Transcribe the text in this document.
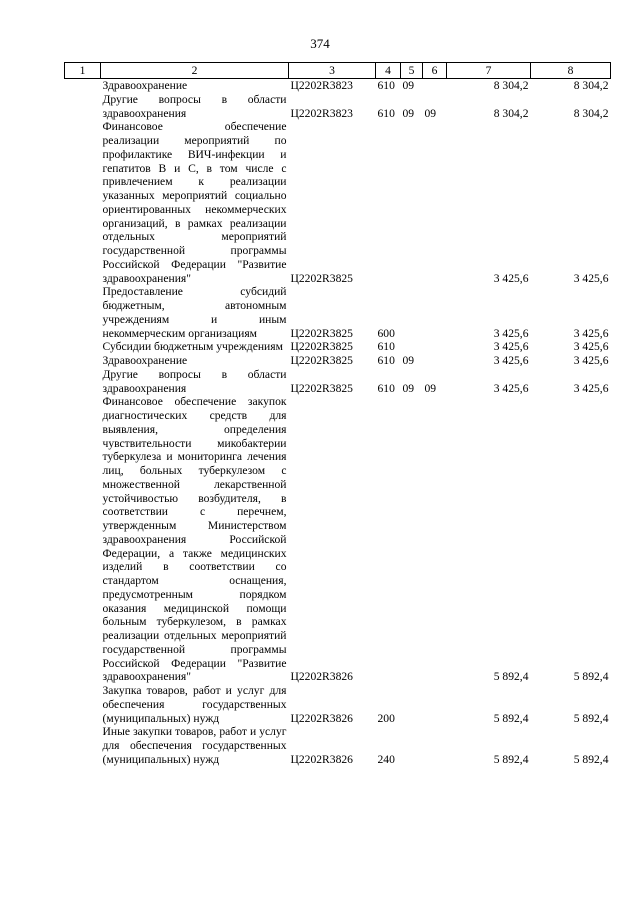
374
1	2	3	4	5	6	7	8
	Здравоохранение	Ц2202R3823	610	09		8 304,2	8 304,2
	Другие вопросы в области здравоохранения	Ц2202R3823	610	09	09	8 304,2	8 304,2
	Финансовое обеспечение реализации мероприятий по профилактике ВИЧ-инфекции и гепатитов В и С, в том числе с привлечением к реализации указанных мероприятий социально ориентированных некоммерческих организаций, в рамках реализации отдельных мероприятий государственной программы Российской Федерации "Развитие здравоохранения"	Ц2202R3825				3 425,6	3 425,6
	Предоставление субсидий бюджетным, автономным учреждениям и иным некоммерческим организациям	Ц2202R3825	600			3 425,6	3 425,6
	Субсидии бюджетным учреждениям	Ц2202R3825	610			3 425,6	3 425,6
	Здравоохранение	Ц2202R3825	610	09		3 425,6	3 425,6
	Другие вопросы в области здравоохранения	Ц2202R3825	610	09	09	3 425,6	3 425,6
	Финансовое обеспечение закупок диагностических средств для выявления, определения чувствительности микобактерии туберкулеза и мониторинга лечения лиц, больных туберкулезом с множественной лекарственной устойчивостью возбудителя, в соответствии с перечнем, утвержденным Министерством здравоохранения Российской Федерации, а также медицинских изделий в соответствии со стандартом оснащения, предусмотренным порядком оказания медицинской помощи больным туберкулезом, в рамках реализации отдельных мероприятий государственной программы Российской Федерации "Развитие здравоохранения"	Ц2202R3826				5 892,4	5 892,4
	Закупка товаров, работ и услуг для обеспечения государственных (муниципальных) нужд	Ц2202R3826	200			5 892,4	5 892,4
	Иные закупки товаров, работ и услуг для обеспечения государственных (муниципальных) нужд	Ц2202R3826	240			5 892,4	5 892,4
